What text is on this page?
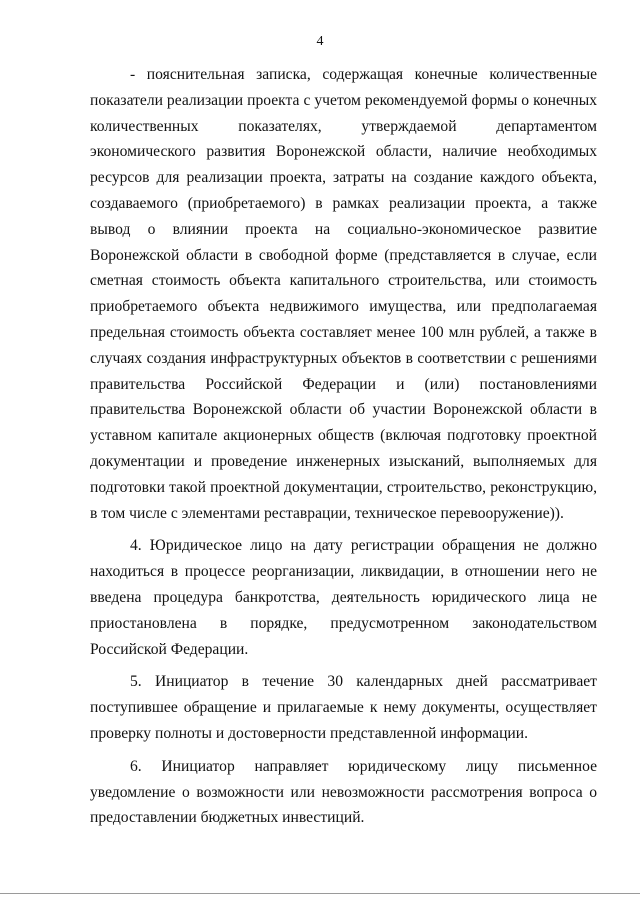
4

- пояснительная записка, содержащая конечные количественные показатели реализации проекта с учетом рекомендуемой формы о конечных количественных показателях, утверждаемой департаментом экономического развития Воронежской области, наличие необходимых ресурсов для реализации проекта, затраты на создание каждого объекта, создаваемого (приобретаемого) в рамках реализации проекта, а также вывод о влиянии проекта на социально-экономическое развитие Воронежской области в свободной форме (представляется в случае, если сметная стоимость объекта капитального строительства, или стоимость приобретаемого объекта недвижимого имущества, или предполагаемая предельная стоимость объекта составляет менее 100 млн рублей, а также в случаях создания инфраструктурных объектов в соответствии с решениями правительства Российской Федерации и (или) постановлениями правительства Воронежской области об участии Воронежской области в уставном капитале акционерных обществ (включая подготовку проектной документации и проведение инженерных изысканий, выполняемых для подготовки такой проектной документации, строительство, реконструкцию, в том числе с элементами реставрации, техническое перевооружение)).

4. Юридическое лицо на дату регистрации обращения не должно находиться в процессе реорганизации, ликвидации, в отношении него не введена процедура банкротства, деятельность юридического лица не приостановлена в порядке, предусмотренном законодательством Российской Федерации.

5. Инициатор в течение 30 календарных дней рассматривает поступившее обращение и прилагаемые к нему документы, осуществляет проверку полноты и достоверности представленной информации.

6. Инициатор направляет юридическому лицу письменное уведомление о возможности или невозможности рассмотрения вопроса о предоставлении бюджетных инвестиций.
